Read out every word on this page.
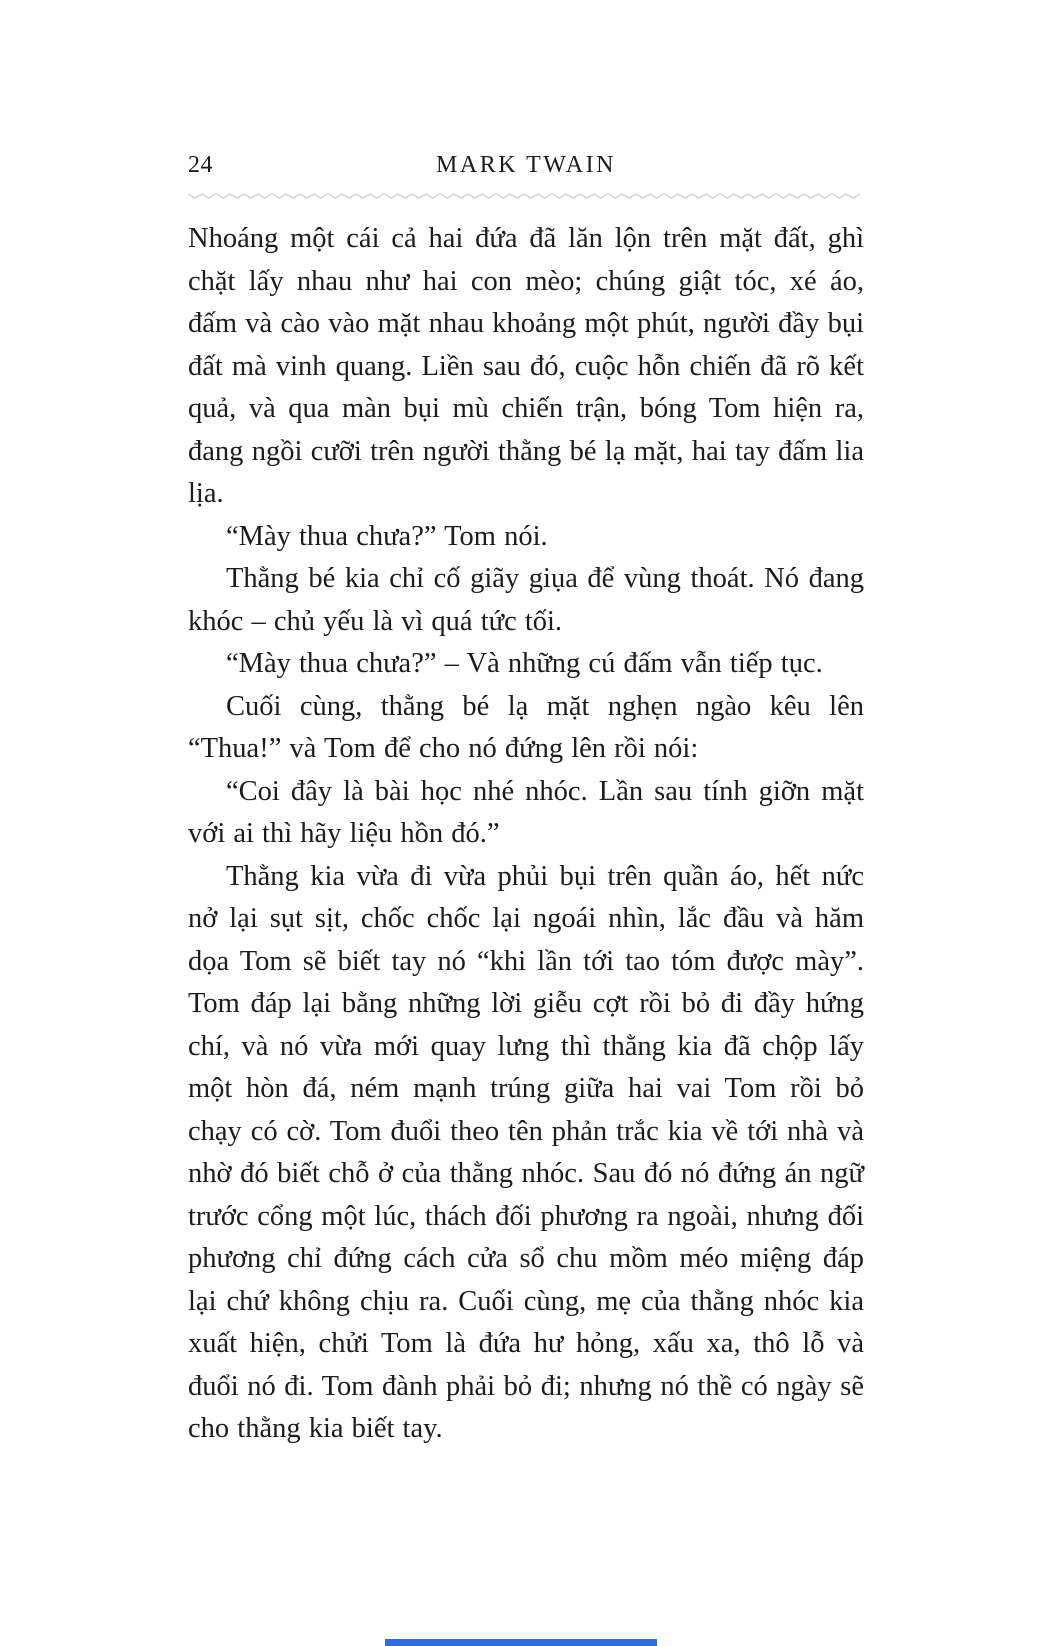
24	MARK TWAIN

Nhoáng một cái cả hai đứa đã lăn lộn trên mặt đất, ghì chặt lấy nhau như hai con mèo; chúng giật tóc, xé áo, đấm và cào vào mặt nhau khoảng một phút, người đầy bụi đất mà vinh quang. Liền sau đó, cuộc hỗn chiến đã rõ kết quả, và qua màn bụi mù chiến trận, bóng Tom hiện ra, đang ngồi cưỡi trên người thằng bé lạ mặt, hai tay đấm lia lịa.

“Mày thua chưa?” Tom nói.

Thằng bé kia chỉ cố giãy giụa để vùng thoát. Nó đang khóc – chủ yếu là vì quá tức tối.

“Mày thua chưa?” – Và những cú đấm vẫn tiếp tục.

Cuối cùng, thằng bé lạ mặt nghẹn ngào kêu lên “Thua!” và Tom để cho nó đứng lên rồi nói:

“Coi đây là bài học nhé nhóc. Lần sau tính giỡn mặt với ai thì hãy liệu hồn đó.”

Thằng kia vừa đi vừa phủi bụi trên quần áo, hết nức nở lại sụt sịt, chốc chốc lại ngoái nhìn, lắc đầu và hăm dọa Tom sẽ biết tay nó “khi lần tới tao tóm được mày”. Tom đáp lại bằng những lời giễu cợt rồi bỏ đi đầy hứng chí, và nó vừa mới quay lưng thì thằng kia đã chộp lấy một hòn đá, ném mạnh trúng giữa hai vai Tom rồi bỏ chạy có cờ. Tom đuổi theo tên phản trắc kia về tới nhà và nhờ đó biết chỗ ở của thằng nhóc. Sau đó nó đứng án ngữ trước cổng một lúc, thách đối phương ra ngoài, nhưng đối phương chỉ đứng cách cửa sổ chu mồm méo miệng đáp lại chứ không chịu ra. Cuối cùng, mẹ của thằng nhóc kia xuất hiện, chửi Tom là đứa hư hỏng, xấu xa, thô lỗ và đuổi nó đi. Tom đành phải bỏ đi; nhưng nó thề có ngày sẽ cho thằng kia biết tay.
